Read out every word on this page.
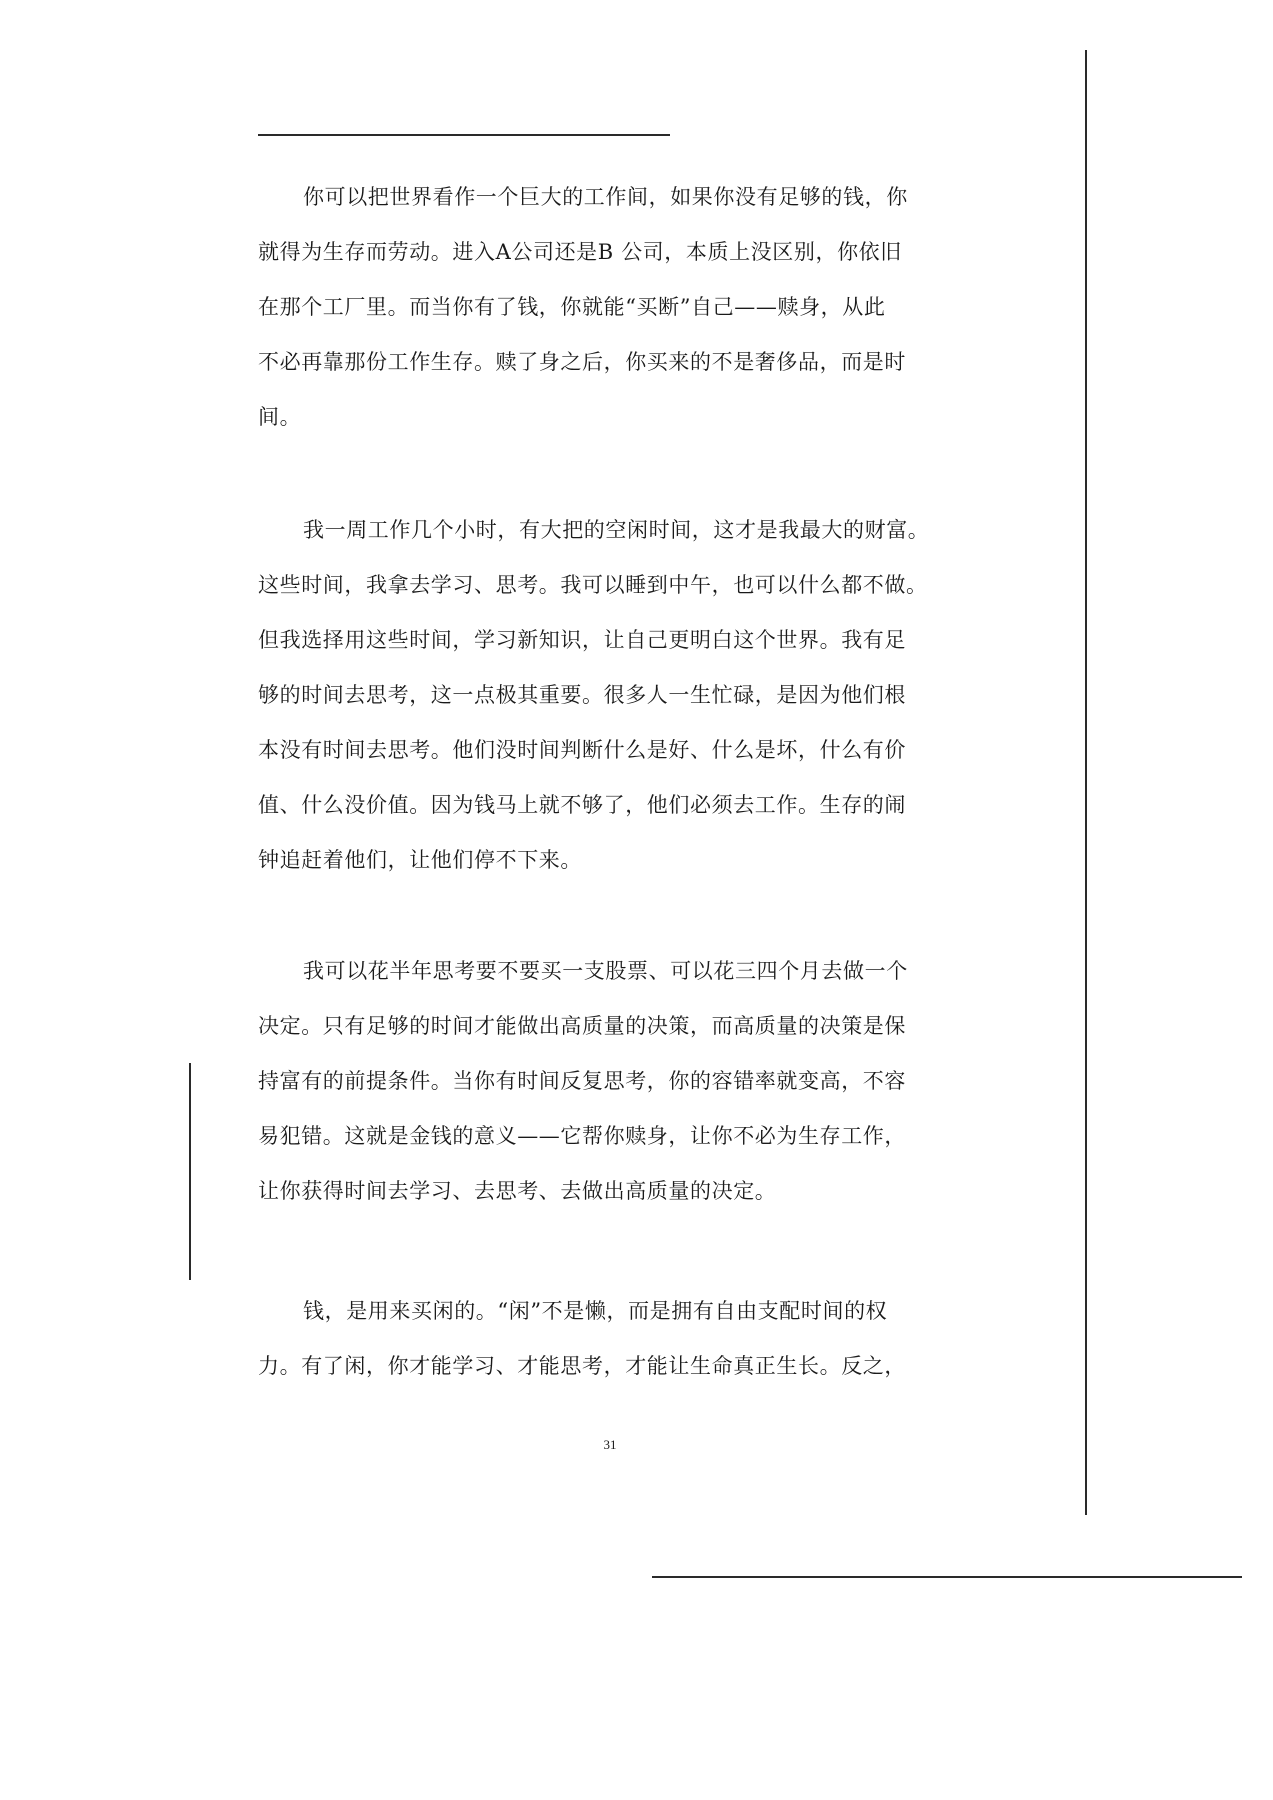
你可以把世界看作一个巨大的工作间，如果你没有足够的钱，你
就得为生存而劳动。进入A公司还是B 公司，本质上没区别，你依旧
在那个工厂里。而当你有了钱，你就能“买断”自己——赎身，从此
不必再靠那份工作生存。赎了身之后，你买来的不是奢侈品，而是时
间。
我一周工作几个小时，有大把的空闲时间，这才是我最大的财富。
这些时间，我拿去学习、思考。我可以睡到中午，也可以什么都不做。
但我选择用这些时间，学习新知识，让自己更明白这个世界。我有足
够的时间去思考，这一点极其重要。很多人一生忙碌，是因为他们根
本没有时间去思考。他们没时间判断什么是好、什么是坏，什么有价
值、什么没价值。因为钱马上就不够了，他们必须去工作。生存的闹
钟追赶着他们，让他们停不下来。
我可以花半年思考要不要买一支股票、可以花三四个月去做一个
决定。只有足够的时间才能做出高质量的决策，而高质量的决策是保
持富有的前提条件。当你有时间反复思考，你的容错率就变高，不容
易犯错。这就是金钱的意义——它帮你赎身，让你不必为生存工作，
让你获得时间去学习、去思考、去做出高质量的决定。
钱，是用来买闲的。“闲”不是懒，而是拥有自由支配时间的权
力。有了闲，你才能学习、才能思考，才能让生命真正生长。反之，
31
